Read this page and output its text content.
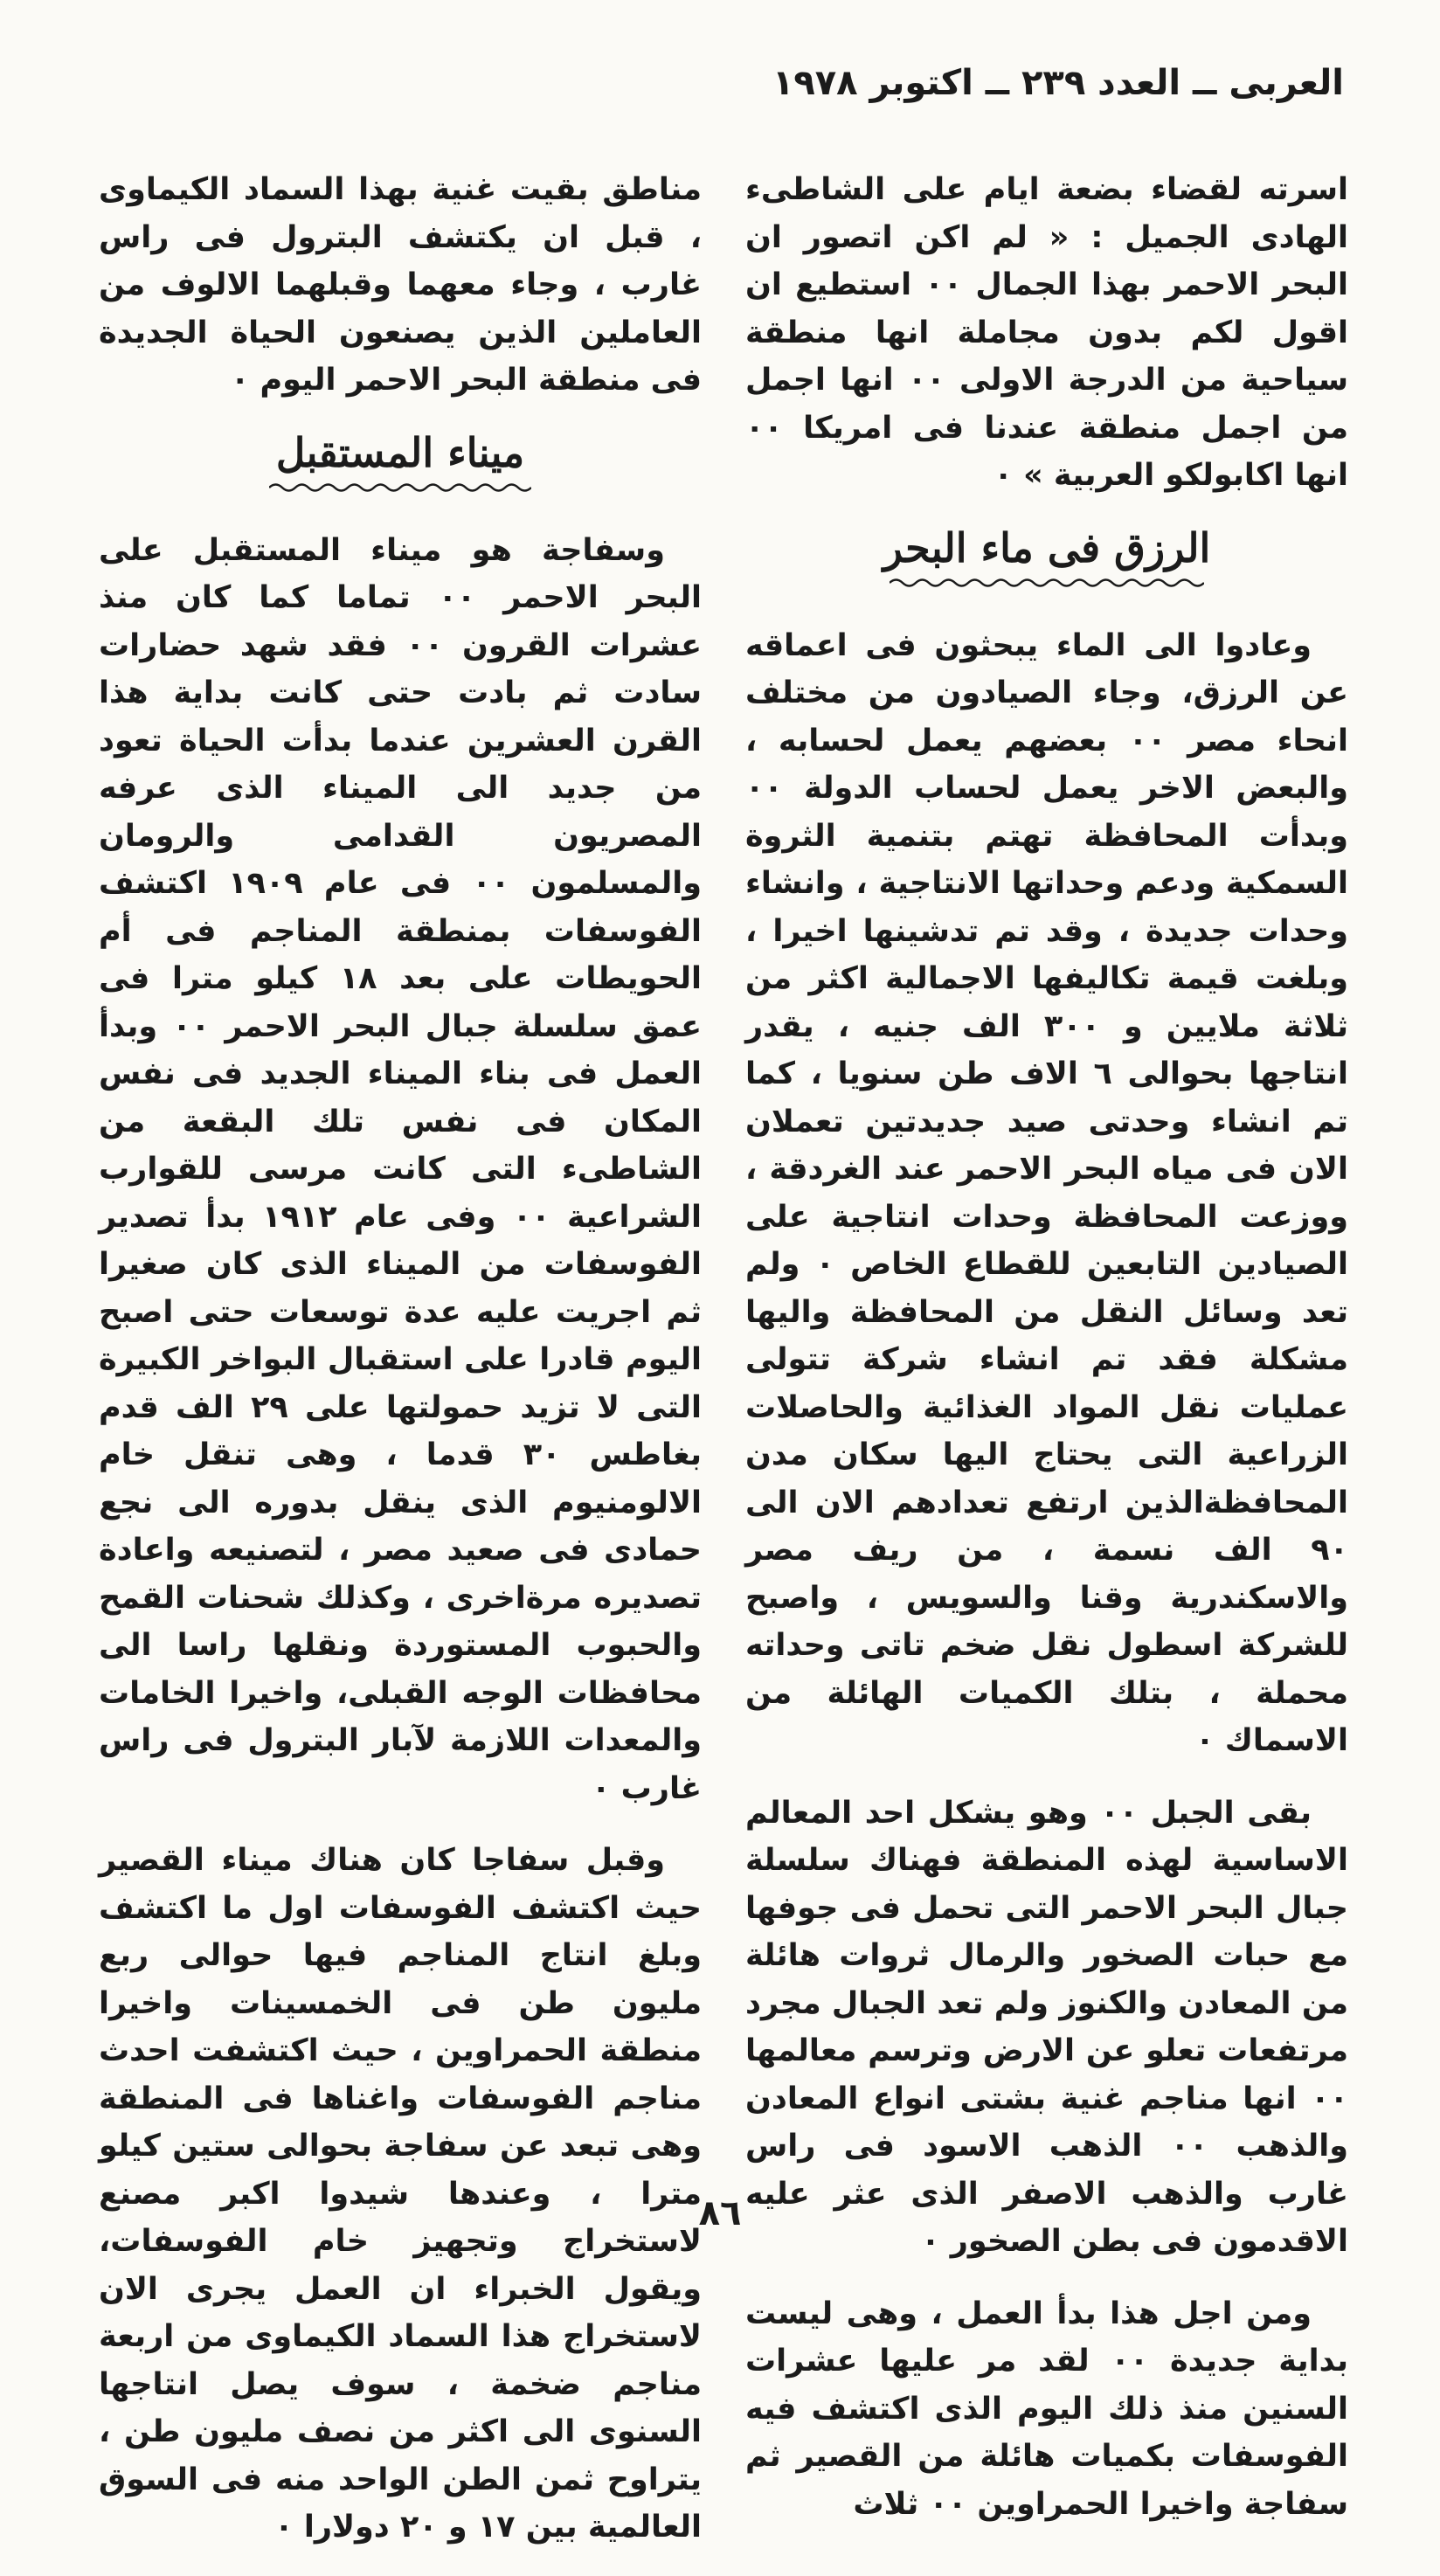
العربى ــ العدد ٢٣٩ ــ اكتوبر ١٩٧٨

اسرته لقضاء بضعة ايام على الشاطىء الهادى الجميل : « لم اكن اتصور ان البحر الاحمر بهذا الجمال ٠٠ استطيع ان اقول لكم بدون مجاملة انها منطقة سياحية من الدرجة الاولى ٠٠ انها اجمل من اجمل منطقة عندنا فى امريكا ٠٠ انها اكابولكو العربية » ٠

الرزق فى ماء البحر

وعادوا الى الماء يبحثون فى اعماقه عن الرزق، وجاء الصيادون من مختلف انحاء مصر ٠٠ بعضهم يعمل لحسابه ، والبعض الاخر يعمل لحساب الدولة ٠٠ وبدأت المحافظة تهتم بتنمية الثروة السمكية ودعم وحداتها الانتاجية ، وانشاء وحدات جديدة ، وقد تم تدشينها اخيرا ، وبلغت قيمة تكاليفها الاجمالية اكثر من ثلاثة ملايين و ٣٠٠ الف جنيه ، يقدر انتاجها بحوالى ٦ الاف طن سنويا ، كما تم انشاء وحدتى صيد جديدتين تعملان الان فى مياه البحر الاحمر عند الغردقة ، ووزعت المحافظة وحدات انتاجية على الصيادين التابعين للقطاع الخاص ٠ ولم تعد وسائل النقل من المحافظة واليها مشكلة فقد تم انشاء شركة تتولى عمليات نقل المواد الغذائية والحاصلات الزراعية التى يحتاج اليها سكان مدن المحافظةالذين ارتفع تعدادهم الان الى ٩٠ الف نسمة ، من ريف مصر والاسكندرية وقنا والسويس ، واصبح للشركة اسطول نقل ضخم تاتى وحداته محملة ، بتلك الكميات الهائلة من الاسماك ٠

بقى الجبل ٠٠ وهو يشكل احد المعالم الاساسية لهذه المنطقة فهناك سلسلة جبال البحر الاحمر التى تحمل فى جوفها مع حبات الصخور والرمال ثروات هائلة من المعادن والكنوز ولم تعد الجبال مجرد مرتفعات تعلو عن الارض وترسم معالمها ٠٠ انها مناجم غنية بشتى انواع المعادن والذهب ٠٠ الذهب الاسود فى راس غارب والذهب الاصفر الذى عثر عليه الاقدمون فى بطن الصخور ٠

ومن اجل هذا بدأ العمل ، وهى ليست بداية جديدة ٠٠ لقد مر عليها عشرات السنين منذ ذلك اليوم الذى اكتشف فيه الفوسفات بكميات هائلة من القصير ثم سفاجة واخيرا الحمراوين ٠٠ ثلاث

مناطق بقيت غنية بهذا السماد الكيماوى ، قبل ان يكتشف البترول فى راس غارب ، وجاء معهما وقبلهما الالوف من العاملين الذين يصنعون الحياة الجديدة فى منطقة البحر الاحمر اليوم ٠

ميناء المستقبل

وسفاجة هو ميناء المستقبل على البحر الاحمر ٠٠ تماما كما كان منذ عشرات القرون ٠٠ فقد شهد حضارات سادت ثم بادت حتى كانت بداية هذا القرن العشرين عندما بدأت الحياة تعود من جديد الى الميناء الذى عرفه المصريون القدامى والرومان والمسلمون ٠٠ فى عام ١٩٠٩ اكتشف الفوسفات بمنطقة المناجم فى أم الحويطات على بعد ١٨ كيلو مترا فى عمق سلسلة جبال البحر الاحمر ٠٠ وبدأ العمل فى بناء الميناء الجديد فى نفس المكان فى نفس تلك البقعة من الشاطىء التى كانت مرسى للقوارب الشراعية ٠٠ وفى عام ١٩١٢ بدأ تصدير الفوسفات من الميناء الذى كان صغيرا ثم اجريت عليه عدة توسعات حتى اصبح اليوم قادرا على استقبال البواخر الكبيرة التى لا تزيد حمولتها على ٢٩ الف قدم بغاطس ٣٠ قدما ، وهى تنقل خام الالومنيوم الذى ينقل بدوره الى نجع حمادى فى صعيد مصر ، لتصنيعه واعادة تصديره مرةاخرى ، وكذلك شحنات القمح والحبوب المستوردة ونقلها راسا الى محافظات الوجه القبلى، واخيرا الخامات والمعدات اللازمة لآبار البترول فى راس غارب ٠

وقبل سفاجا كان هناك ميناء القصير حيث اكتشف الفوسفات اول ما اكتشف وبلغ انتاج المناجم فيها حوالى ربع مليون طن فى الخمسينات واخيرا منطقة الحمراوين ، حيث اكتشفت احدث مناجم الفوسفات واغناها فى المنطقة وهى تبعد عن سفاجة بحوالى ستين كيلو مترا ، وعندها شيدوا اكبر مصنع لاستخراج وتجهيز خام الفوسفات، ويقول الخبراء ان العمل يجرى الان لاستخراج هذا السماد الكيماوى من اربعة مناجم ضخمة ، سوف يصل انتاجها السنوى الى اكثر من نصف مليون طن ، يتراوح ثمن الطن الواحد منه فى السوق العالمية بين ١٧ و ٢٠ دولارا ٠

٨٦
